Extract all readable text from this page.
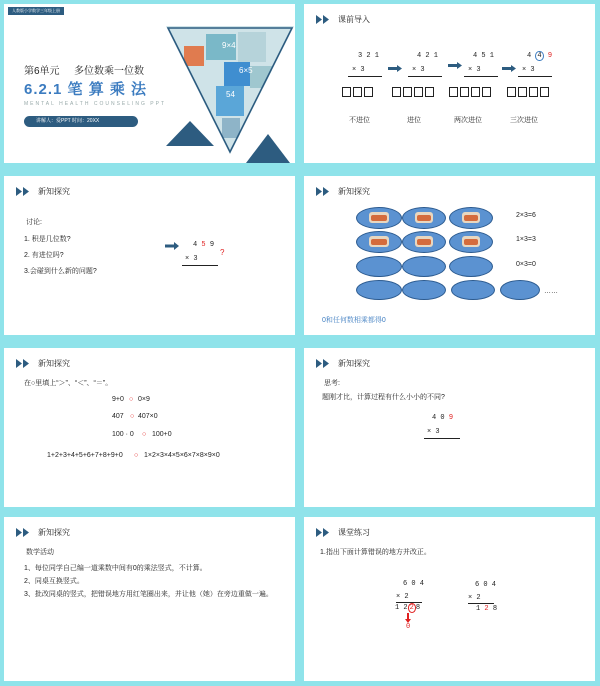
人教版小学数学三年级上册
第6单元 多位数乘一位数
6.2.1 笔 算 乘 法
MENTAL HEALTH COUNSELING PPT
讲解人：爱PPT 时间：20XX
9×4
6×5
54
课前导入
3 2 1
× 3
4 2 1
× 3
4 5 1
× 3
4 4 9
× 3
不进位	进位	两次进位	三次进位
新知探究
讨论:
1. 积是几位数?
2. 有进位吗?
3.会碰到什么新的问题?
4 5 9
× 3
?
新知探究
2×3=6
1×3=3
0×3=0
……
0和任何数相乘都得0
新知探究
在○里填上“＞”、“＜”、“＝”。
9+0 ○ 0×9
407 ○ 407×0
100 · 0 ○ 100+0
1+2+3+4+5+6+7+8+9+0 ○ 1×2×3×4×5×6×7×8×9×0
新知探究
思考:
题刚才比，计算过程有什么小小的不同?
4 0 9
× 3
新知探究
数学活动
1、每位同学自己编一道乘数中间有0的乘法竖式，不计算。
2、同桌互换竖式。
3、批改同桌的竖式，把错误地方用红笔圈出来，并让他（她）在旁边重做一遍。
课堂练习
1.指出下面计算错误的地方并改正。
6 0 4
× 2
1 2 2 8
0
6 0 4
× 2
1 2 8
